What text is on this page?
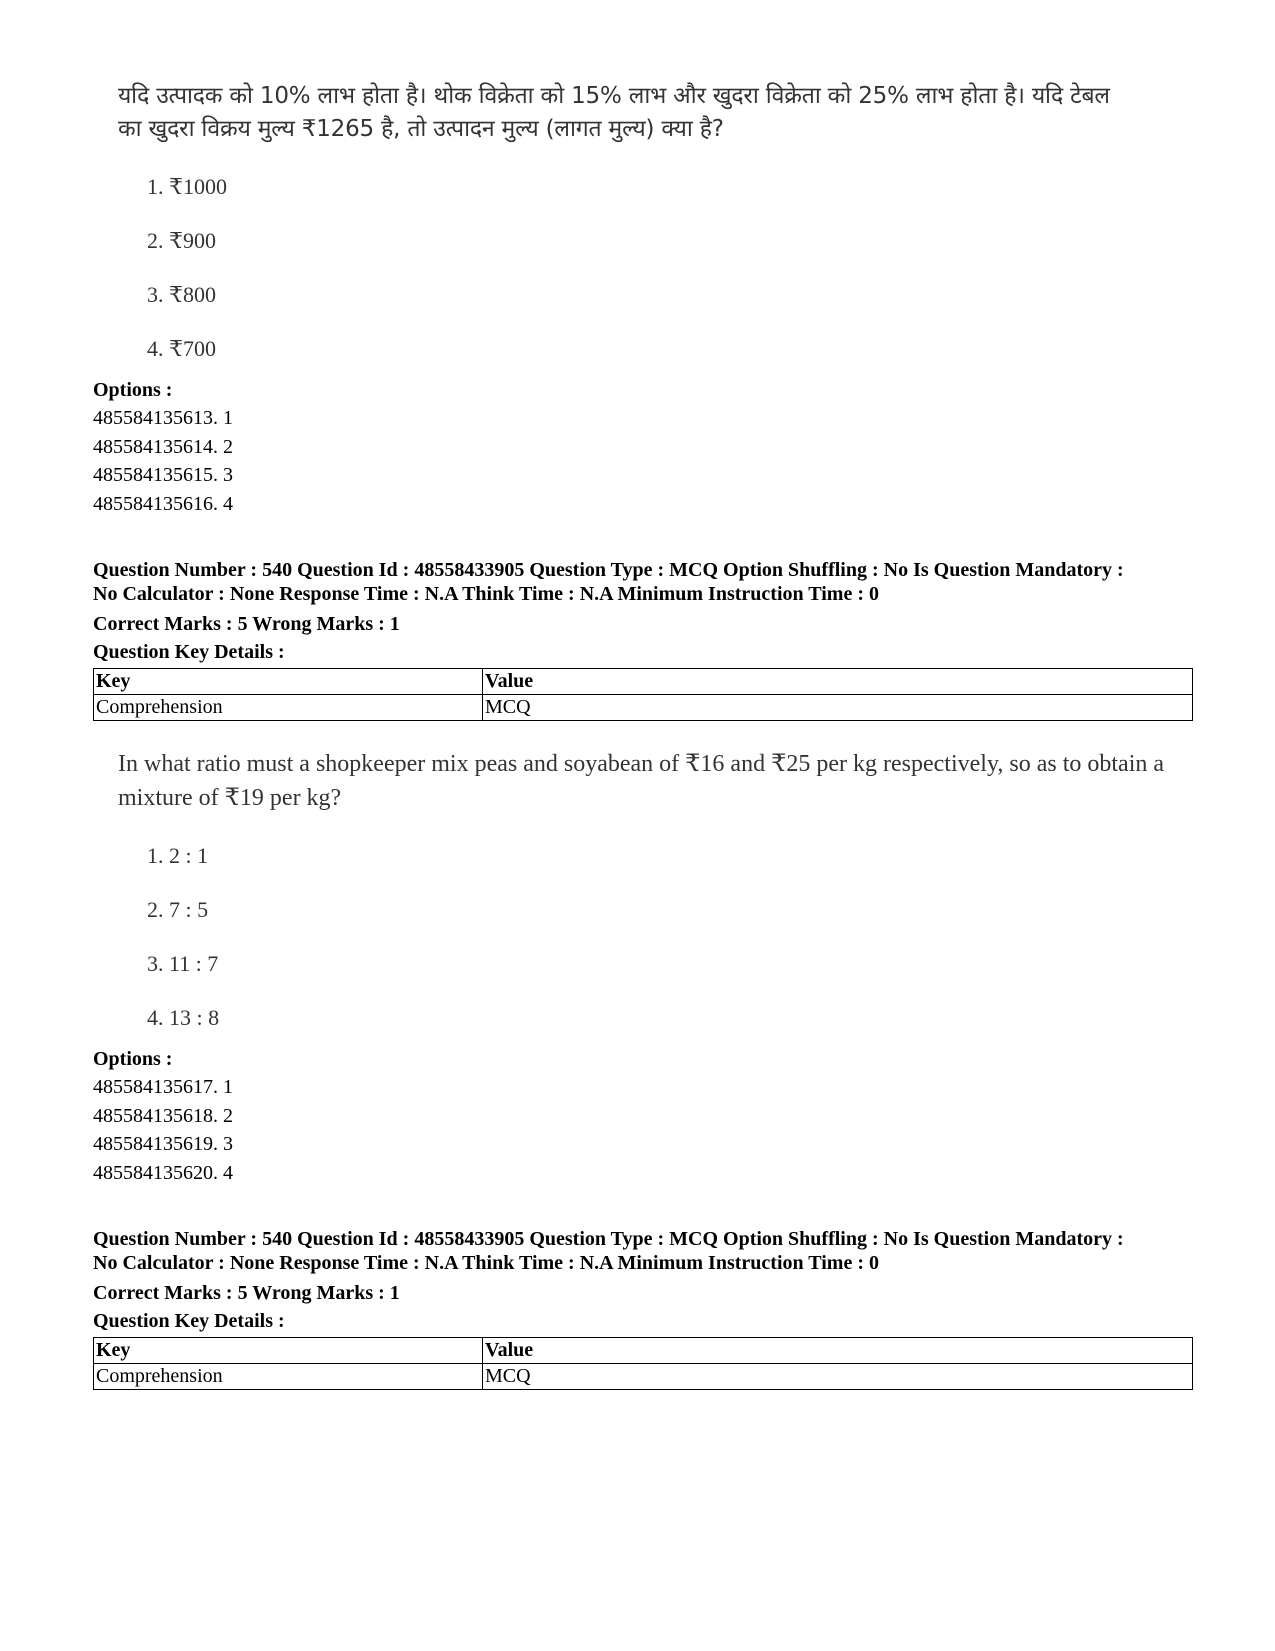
यदि उत्पादक को 10% लाभ होता है। थोक विक्रेता को 15% लाभ और खुदरा विक्रेता को 25% लाभ होता है। यदि टेबल
का खुदरा विक्रय मुल्य ₹1265 है, तो उत्पादन मुल्य (लागत मुल्य) क्या है?
1. ₹1000
2. ₹900
3. ₹800
4. ₹700
Options :
485584135613. 1
485584135614. 2
485584135615. 3
485584135616. 4
Question Number : 540 Question Id : 48558433905 Question Type : MCQ Option Shuffling : No Is Question Mandatory :
No Calculator : None Response Time : N.A Think Time : N.A Minimum Instruction Time : 0
Correct Marks : 5 Wrong Marks : 1
Question Key Details :
Key	Value
Comprehension	MCQ
In what ratio must a shopkeeper mix peas and soyabean of ₹16 and ₹25 per kg respectively, so as to obtain a
mixture of ₹19 per kg?
1. 2 : 1
2. 7 : 5
3. 11 : 7
4. 13 : 8
Options :
485584135617. 1
485584135618. 2
485584135619. 3
485584135620. 4
Question Number : 540 Question Id : 48558433905 Question Type : MCQ Option Shuffling : No Is Question Mandatory :
No Calculator : None Response Time : N.A Think Time : N.A Minimum Instruction Time : 0
Correct Marks : 5 Wrong Marks : 1
Question Key Details :
Key	Value
Comprehension	MCQ
